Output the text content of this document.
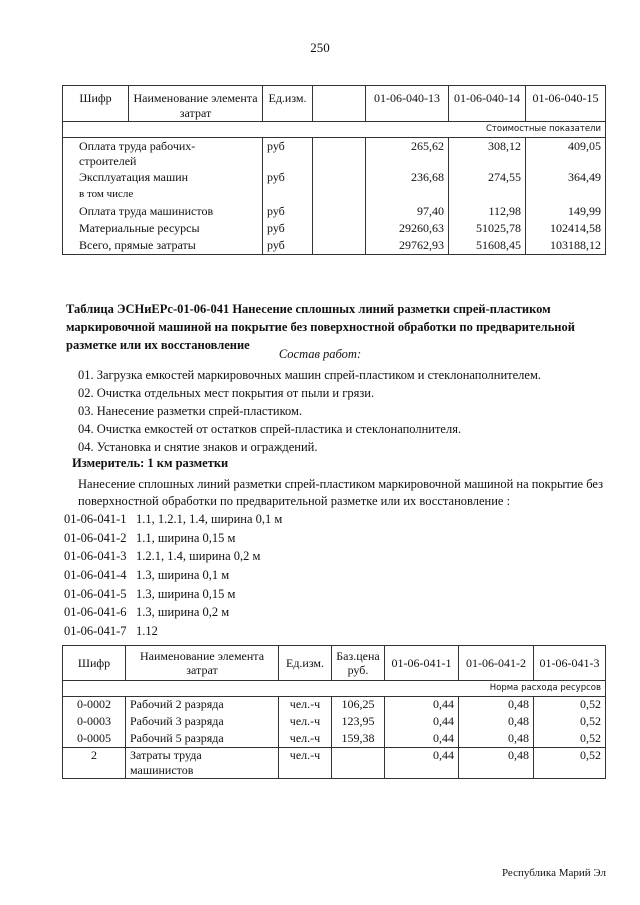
250
Шифр	Наименование элемента затрат	Ед.изм.		01-06-040-13	01-06-040-14	01-06-040-15
Стоимостные показатели						
Оплата труда рабочих-строителей		руб		265,62	308,12	409,05
Эксплуатация машин		руб		236,68	274,55	364,49
в том числе						
Оплата труда машинистов		руб		97,40	112,98	149,99
Материальные ресурсы		руб		29260,63	51025,78	102414,58
Всего, прямые затраты		руб		29762,93	51608,45	103188,12
Таблица ЭСНиЕРс-01-06-041 Нанесение сплошных линий разметки спрей-пластиком маркировочной машиной на покрытие без поверхностной обработки по предварительной разметке или их восстановление
Состав работ:
01. Загрузка емкостей маркировочных машин спрей-пластиком и стеклонаполнителем.
02. Очистка отдельных мест покрытия от пыли и грязи.
03. Нанесение разметки спрей-пластиком.
04. Очистка емкостей от остатков спрей-пластика и стеклонаполнителя.
04. Установка и снятие знаков и ограждений.
Измеритель: 1 км разметки
Нанесение сплошных линий разметки спрей-пластиком маркировочной машиной на покрытие без поверхностной обработки по предварительной разметке или их восстановление :
01-06-041-1 1.1, 1.2.1, 1.4, ширина 0,1 м
01-06-041-2 1.1, ширина 0,15 м
01-06-041-3 1.2.1, 1.4, ширина 0,2 м
01-06-041-4 1.3, ширина 0,1 м
01-06-041-5 1.3, ширина 0,15 м
01-06-041-6 1.3, ширина 0,2 м
01-06-041-7 1.12
Шифр	Наименование элемента затрат	Ед.изм.	Баз.цена руб.	01-06-041-1	01-06-041-2	01-06-041-3
Норма расхода ресурсов						
0-0002	Рабочий 2 разряда	чел.-ч	106,25	0,44	0,48	0,52
0-0003	Рабочий 3 разряда	чел.-ч	123,95	0,44	0,48	0,52
0-0005	Рабочий 5 разряда	чел.-ч	159,38	0,44	0,48	0,52
2	Затраты труда машинистов	чел.-ч		0,44	0,48	0,52
Республика Марий Эл
